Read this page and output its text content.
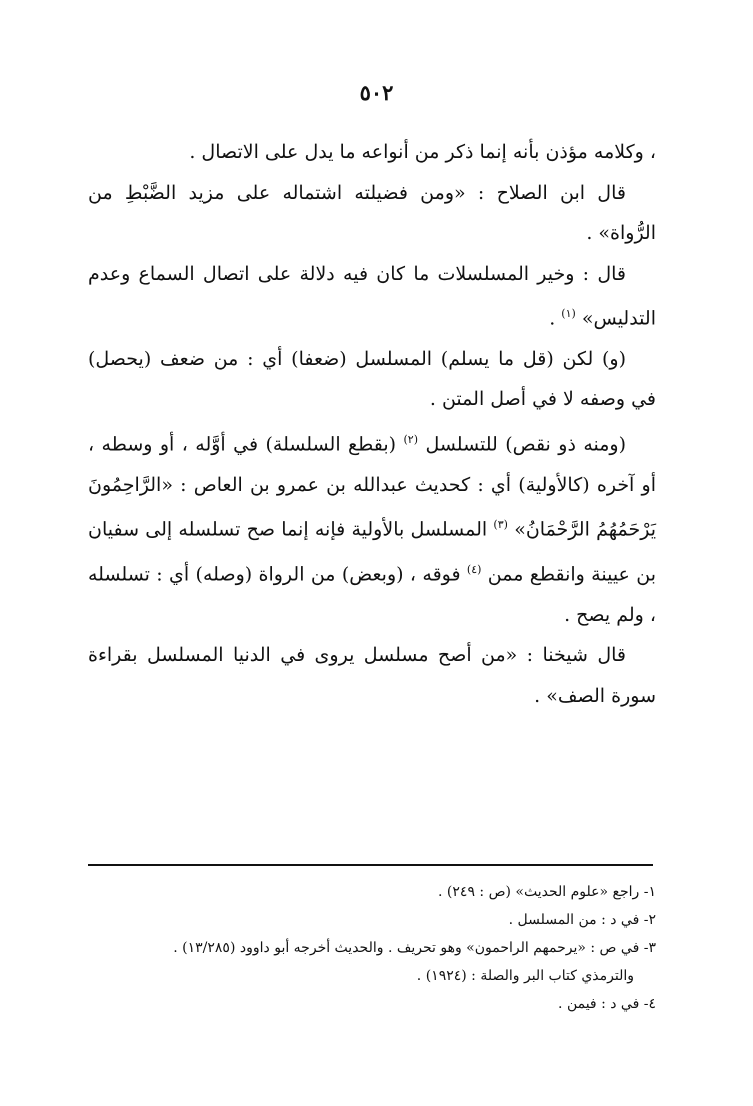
٥٠٢

، وكلامه مؤذن بأنه إنما ذكر من أنواعه ما يدل على الاتصال .

قال ابن الصلاح : «ومن فضيلته اشتماله على مزيد الضَّبْطِ من الرُّواة» .

قال : وخير المسلسلات ما كان فيه دلالة على اتصال السماع وعدم التدليس» $^{(١)}$ .

(و) لكن (قل ما يسلم) المسلسل (ضعفا) أي : من ضعف (يحصل) في وصفه لا في أصل المتن .

(ومنه ذو نقص) للتسلسل $^{(٢)}$ (بقطع السلسلة) في أوَّله ، أو وسطه ، أو آخره (كالأولية) أي : كحديث عبدالله بن عمرو بن العاص : «الرَّاحِمُونَ يَرْحَمُهُمُ الرَّحْمَانُ» $^{(٣)}$ المسلسل بالأولية فإنه إنما صح تسلسله إلى سفيان بن عيينة وانقطع ممن $^{(٤)}$ فوقه ، (وبعض) من الرواة (وصله) أي : تسلسله ، ولم يصح .

قال شيخنا : «من أصح مسلسل يروى في الدنيا المسلسل بقراءة سورة الصف» .

١- راجع «علوم الحديث» (ص : ٢٤٩) .

٢- في د : من المسلسل .

٣- في ص : «يرحمهم الراحمون» وهو تحريف . والحديث أخرجه أبو داوود (١٣/٢٨٥) .

والترمذي كتاب البر والصلة : (١٩٢٤) .

٤- في د : فيمن .
